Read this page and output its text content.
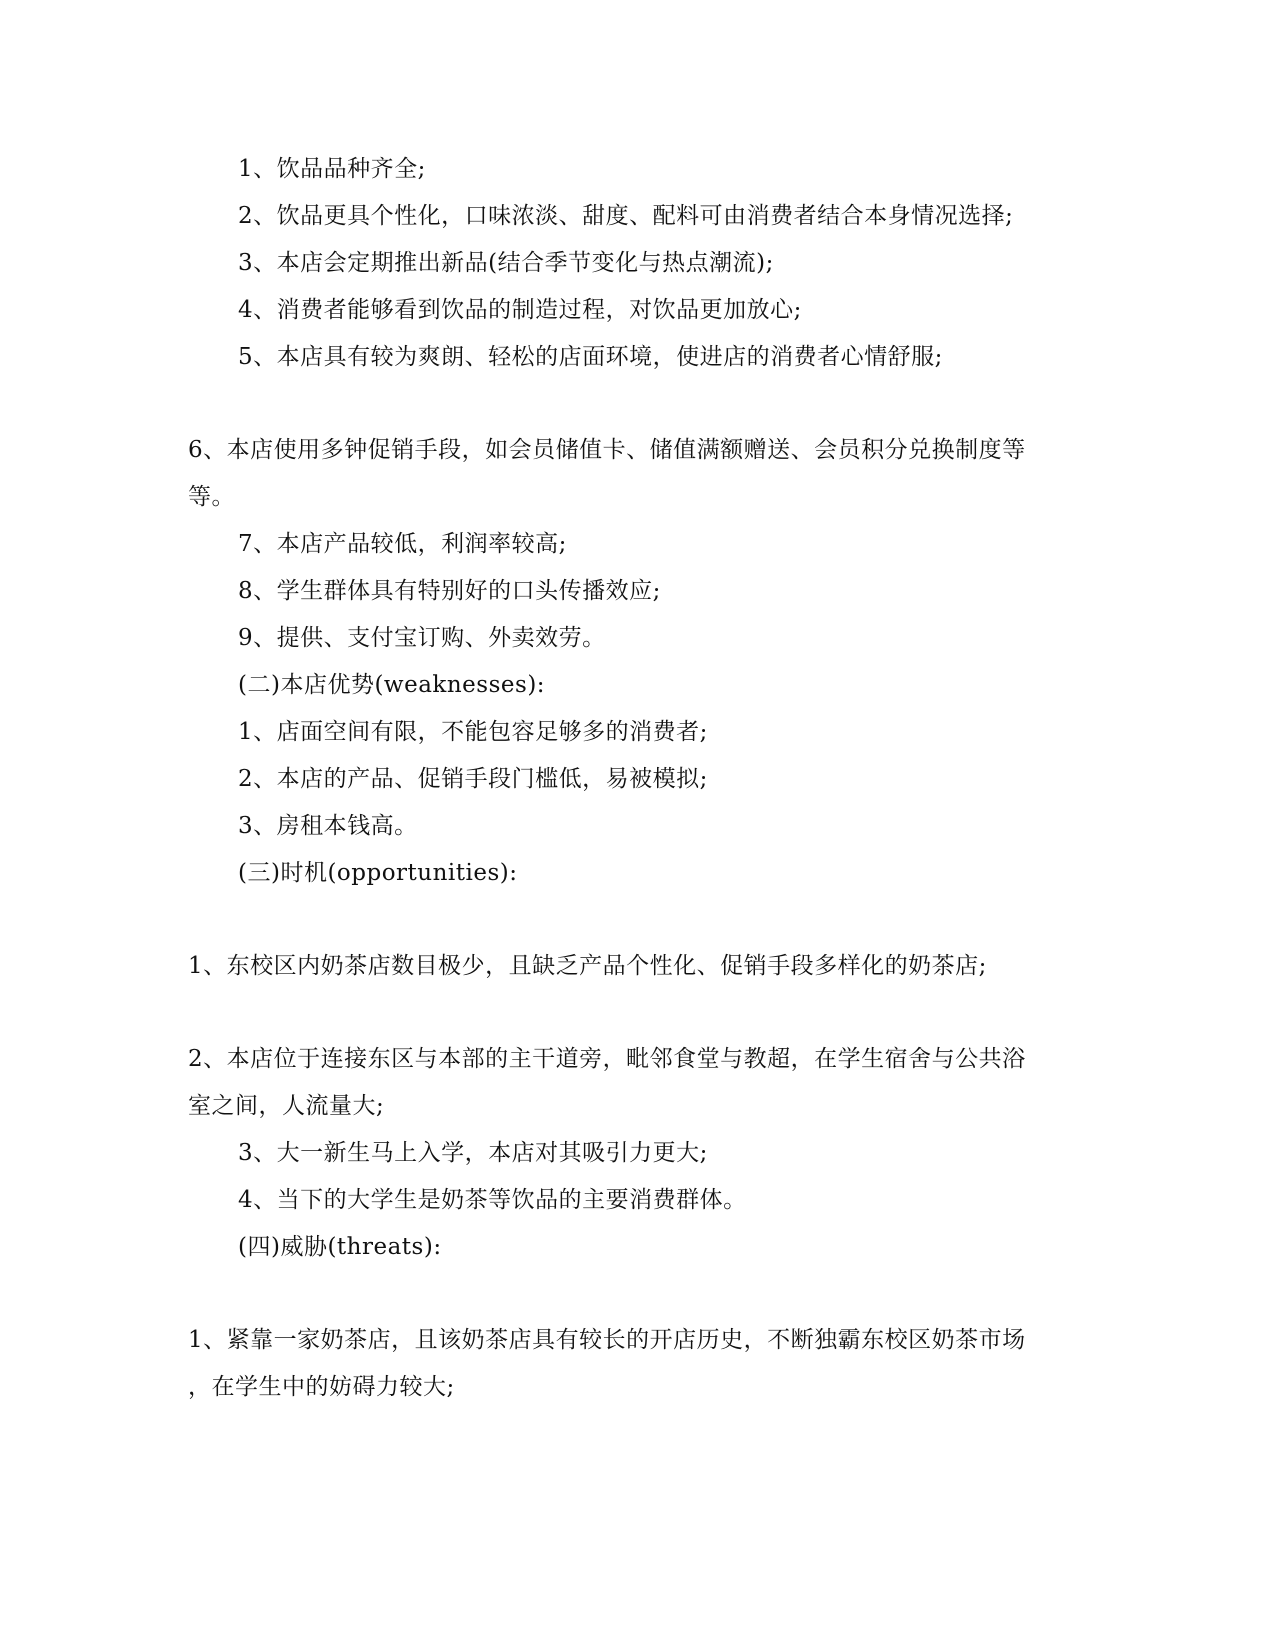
1、饮品品种齐全;
2、饮品更具个性化，口味浓淡、甜度、配料可由消费者结合本身情况选择;
3、本店会定期推出新品(结合季节变化与热点潮流);
4、消费者能够看到饮品的制造过程，对饮品更加放心;
5、本店具有较为爽朗、轻松的店面环境，使进店的消费者心情舒服;
6、本店使用多钟促销手段，如会员储值卡、储值满额赠送、会员积分兑换制度等
等。
7、本店产品较低，利润率较高;
8、学生群体具有特别好的口头传播效应;
9、提供、支付宝订购、外卖效劳。
(二)本店优势(weaknesses):
1、店面空间有限，不能包容足够多的消费者;
2、本店的产品、促销手段门槛低，易被模拟;
3、房租本钱高。
(三)时机(opportunities):
1、东校区内奶茶店数目极少，且缺乏产品个性化、促销手段多样化的奶茶店;
2、本店位于连接东区与本部的主干道旁，毗邻食堂与教超，在学生宿舍与公共浴
室之间，人流量大;
3、大一新生马上入学，本店对其吸引力更大;
4、当下的大学生是奶茶等饮品的主要消费群体。
(四)威胁(threats):
1、紧靠一家奶茶店，且该奶茶店具有较长的开店历史，不断独霸东校区奶茶市场
，在学生中的妨碍力较大;
